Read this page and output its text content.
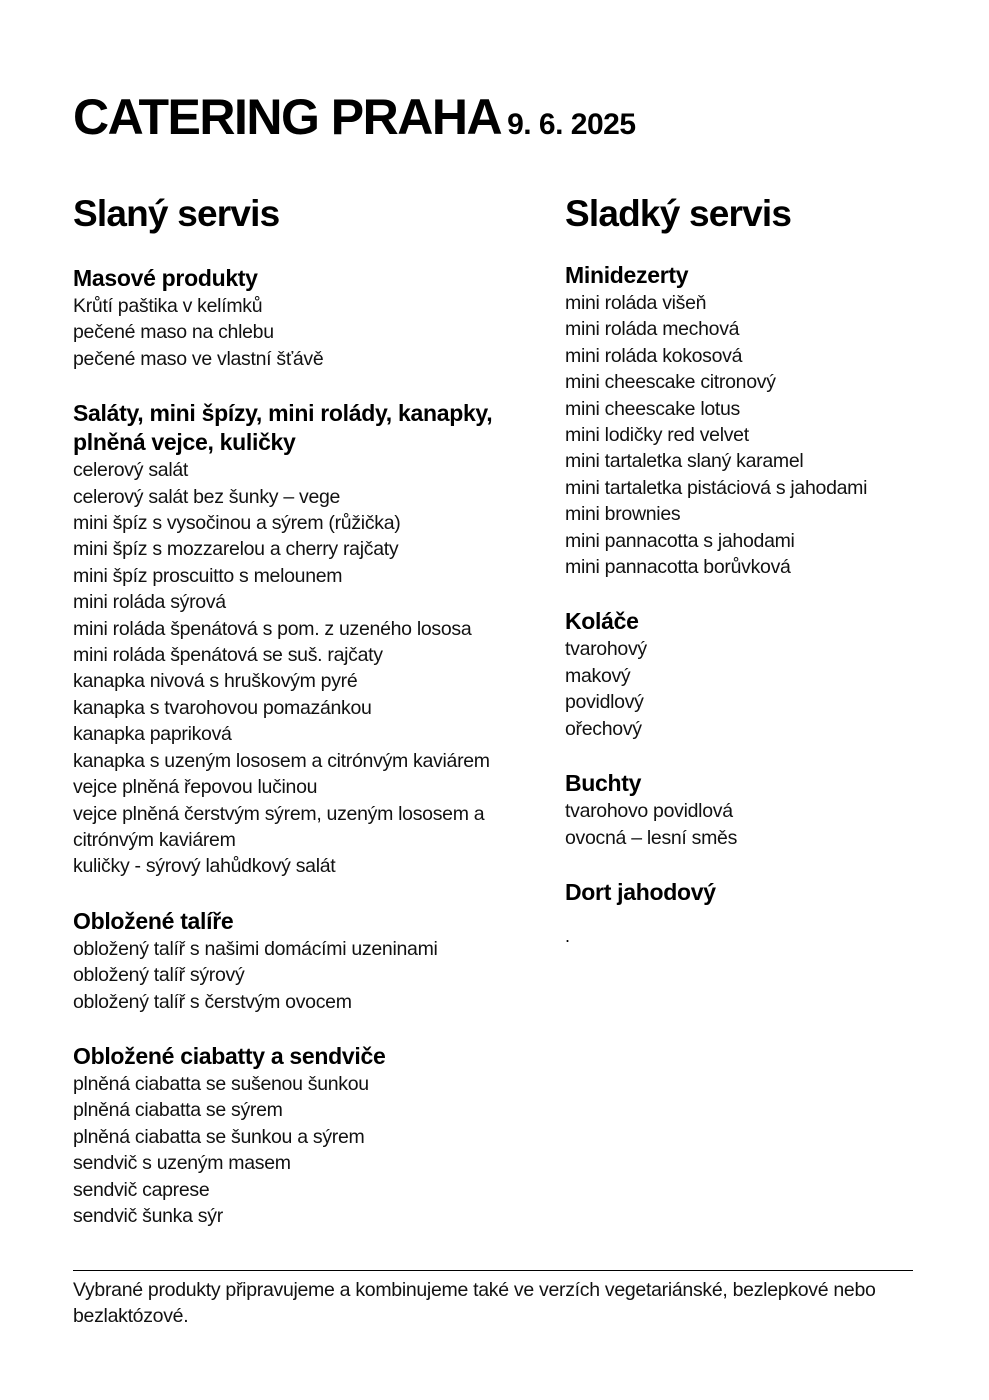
CATERING PRAHA 9. 6. 2025
Slaný servis
Masové produkty
Krůtí paštika v kelímků
pečené maso na chlebu
pečené maso ve vlastní šťávě
Saláty, mini špízy, mini rolády, kanapky, plněná vejce, kuličky
celerový salát
celerový salát bez šunky – vege
mini špíz s vysočinou a sýrem (růžička)
mini špíz s mozzarelou a cherry rajčaty
mini špíz proscuitto s melounem
mini roláda sýrová
mini roláda špenátová s pom. z uzeného lososa
mini roláda špenátová se suš. rajčaty
kanapka nivová s hruškovým pyré
kanapka s tvarohovou pomazánkou
kanapka papriková
kanapka s uzeným lososem a citrónvým kaviárem
vejce plněná řepovou lučinou
vejce plněná čerstvým sýrem, uzeným lososem a citrónvým kaviárem
kuličky - sýrový lahůdkový salát
Obložené talíře
obložený talíř s našimi domácími uzeninami
obložený talíř sýrový
obložený talíř s čerstvým ovocem
Obložené ciabatty a sendviče
plněná ciabatta se sušenou šunkou
plněná ciabatta se sýrem
plněná ciabatta se šunkou a sýrem
sendvič s uzeným masem
sendvič caprese
sendvič šunka sýr
Sladký servis
Minidezerty
mini roláda višeň
mini roláda mechová
mini roláda kokosová
mini cheescake citronový
mini cheescake lotus
mini lodičky red velvet
mini tartaletka slaný karamel
mini tartaletka pistáciová s jahodami
mini brownies
mini pannacotta s jahodami
mini pannacotta borůvková
Koláče
tvarohový
makový
povidlový
ořechový
Buchty
tvarohovo povidlová
ovocná – lesní směs
Dort jahodový
.

Vybrané produkty připravujeme a kombinujeme také ve verzích vegetariánské, bezlepkové nebo bezlaktózové.
